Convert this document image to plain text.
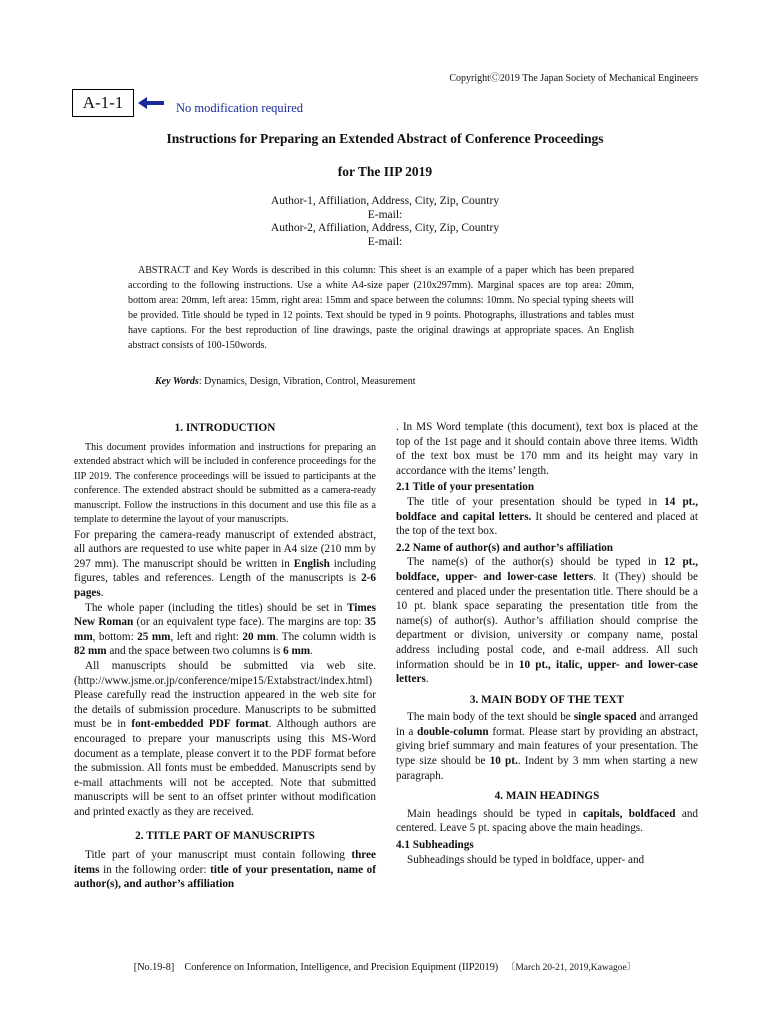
CopyrightⒸ2019 The Japan Society of Mechanical Engineers
A-1-1	No modification required
Instructions for Preparing an Extended Abstract of Conference Proceedings
for The IIP 2019
Author-1, Affiliation, Address, City, Zip, Country
E-mail:
Author-2, Affiliation, Address, City, Zip, Country
E-mail:
ABSTRACT and Key Words is described in this column: This sheet is an example of a paper which has been prepared according to the following instructions. Use a white A4-size paper (210x297mm). Marginal spaces are top area: 20mm, bottom area: 20mm, left area: 15mm, right area: 15mm and space between the columns: 10mm. No special typing sheets will be provided. Title should be typed in 12 points. Text should be typed in 9 points. Photographs, illustrations and tables must have captions. For the best reproduction of line drawings, paste the original drawings at appropriate spaces. An English abstract consists of 100-150words.
Key Words: Dynamics, Design, Vibration, Control, Measurement
1. INTRODUCTION

This document provides information and instructions for preparing an extended abstract which will be included in conference proceedings for the IIP 2019. The conference proceedings will be issued to participants at the conference. The extended abstract should be submitted as a camera-ready manuscript. Follow the instructions in this document and use this file as a template to determine the layout of your manuscripts.

For preparing the camera-ready manuscript of extended abstract, all authors are requested to use white paper in A4 size (210 mm by 297 mm). The manuscript should be written in English including figures, tables and references. Length of the manuscripts is 2-6 pages.

The whole paper (including the titles) should be set in Times New Roman (or an equivalent type face). The margins are top: 35 mm, bottom: 25 mm, left and right: 20 mm. The column width is 82 mm and the space between two columns is 6 mm.

All manuscripts should be submitted via web site. (http://www.jsme.or.jp/conference/mipe15/Extabstract/index.html) Please carefully read the instruction appeared in the web site for the details of submission procedure. Manuscripts to be submitted must be in font-embedded PDF format. Although authors are encouraged to prepare your manuscripts using this MS-Word document as a template, please convert it to the PDF format before the submission. All fonts must be embedded. Manuscripts send by e-mail attachments will not be accepted. Note that submitted manuscripts will be sent to an offset printer without modification and printed exactly as they are received.

2. TITLE PART OF MANUSCRIPTS

Title part of your manuscript must contain following three items in the following order: title of your presentation, name of author(s), and author’s affiliation

. In MS Word template (this document), text box is placed at the top of the 1st page and it should contain above three items. Width of the text box must be 170 mm and its height may vary in accordance with the items’ length.

2.1 Title of your presentation

The title of your presentation should be typed in 14 pt., boldface and capital letters. It should be centered and placed at the top of the text box.

2.2 Name of author(s) and author’s affiliation

The name(s) of the author(s) should be typed in 12 pt., boldface, upper- and lower-case letters. It (They) should be centered and placed under the presentation title. There should be a 10 pt. blank space separating the presentation title from the name(s) of author(s). Author’s affiliation should comprise the department or division, university or company name, postal address including postal code, and e-mail address. All such information should be in 10 pt., italic, upper- and lower-case letters.

3. MAIN BODY OF THE TEXT

The main body of the text should be single spaced and arranged in a double-column format. Please start by providing an abstract, giving brief summary and main features of your presentation. The type size should be 10 pt.. Indent by 3 mm when starting a new paragraph.

4. MAIN HEADINGS

Main headings should be typed in capitals, boldfaced and centered. Leave 5 pt. spacing above the main headings.

4.1 Subheadings

Subheadings should be typed in boldface, upper- and

[No.19-8] Conference on Information, Intelligence, and Precision Equipment (IIP2019) 〔March 20-21, 2019,Kawagoe〕
